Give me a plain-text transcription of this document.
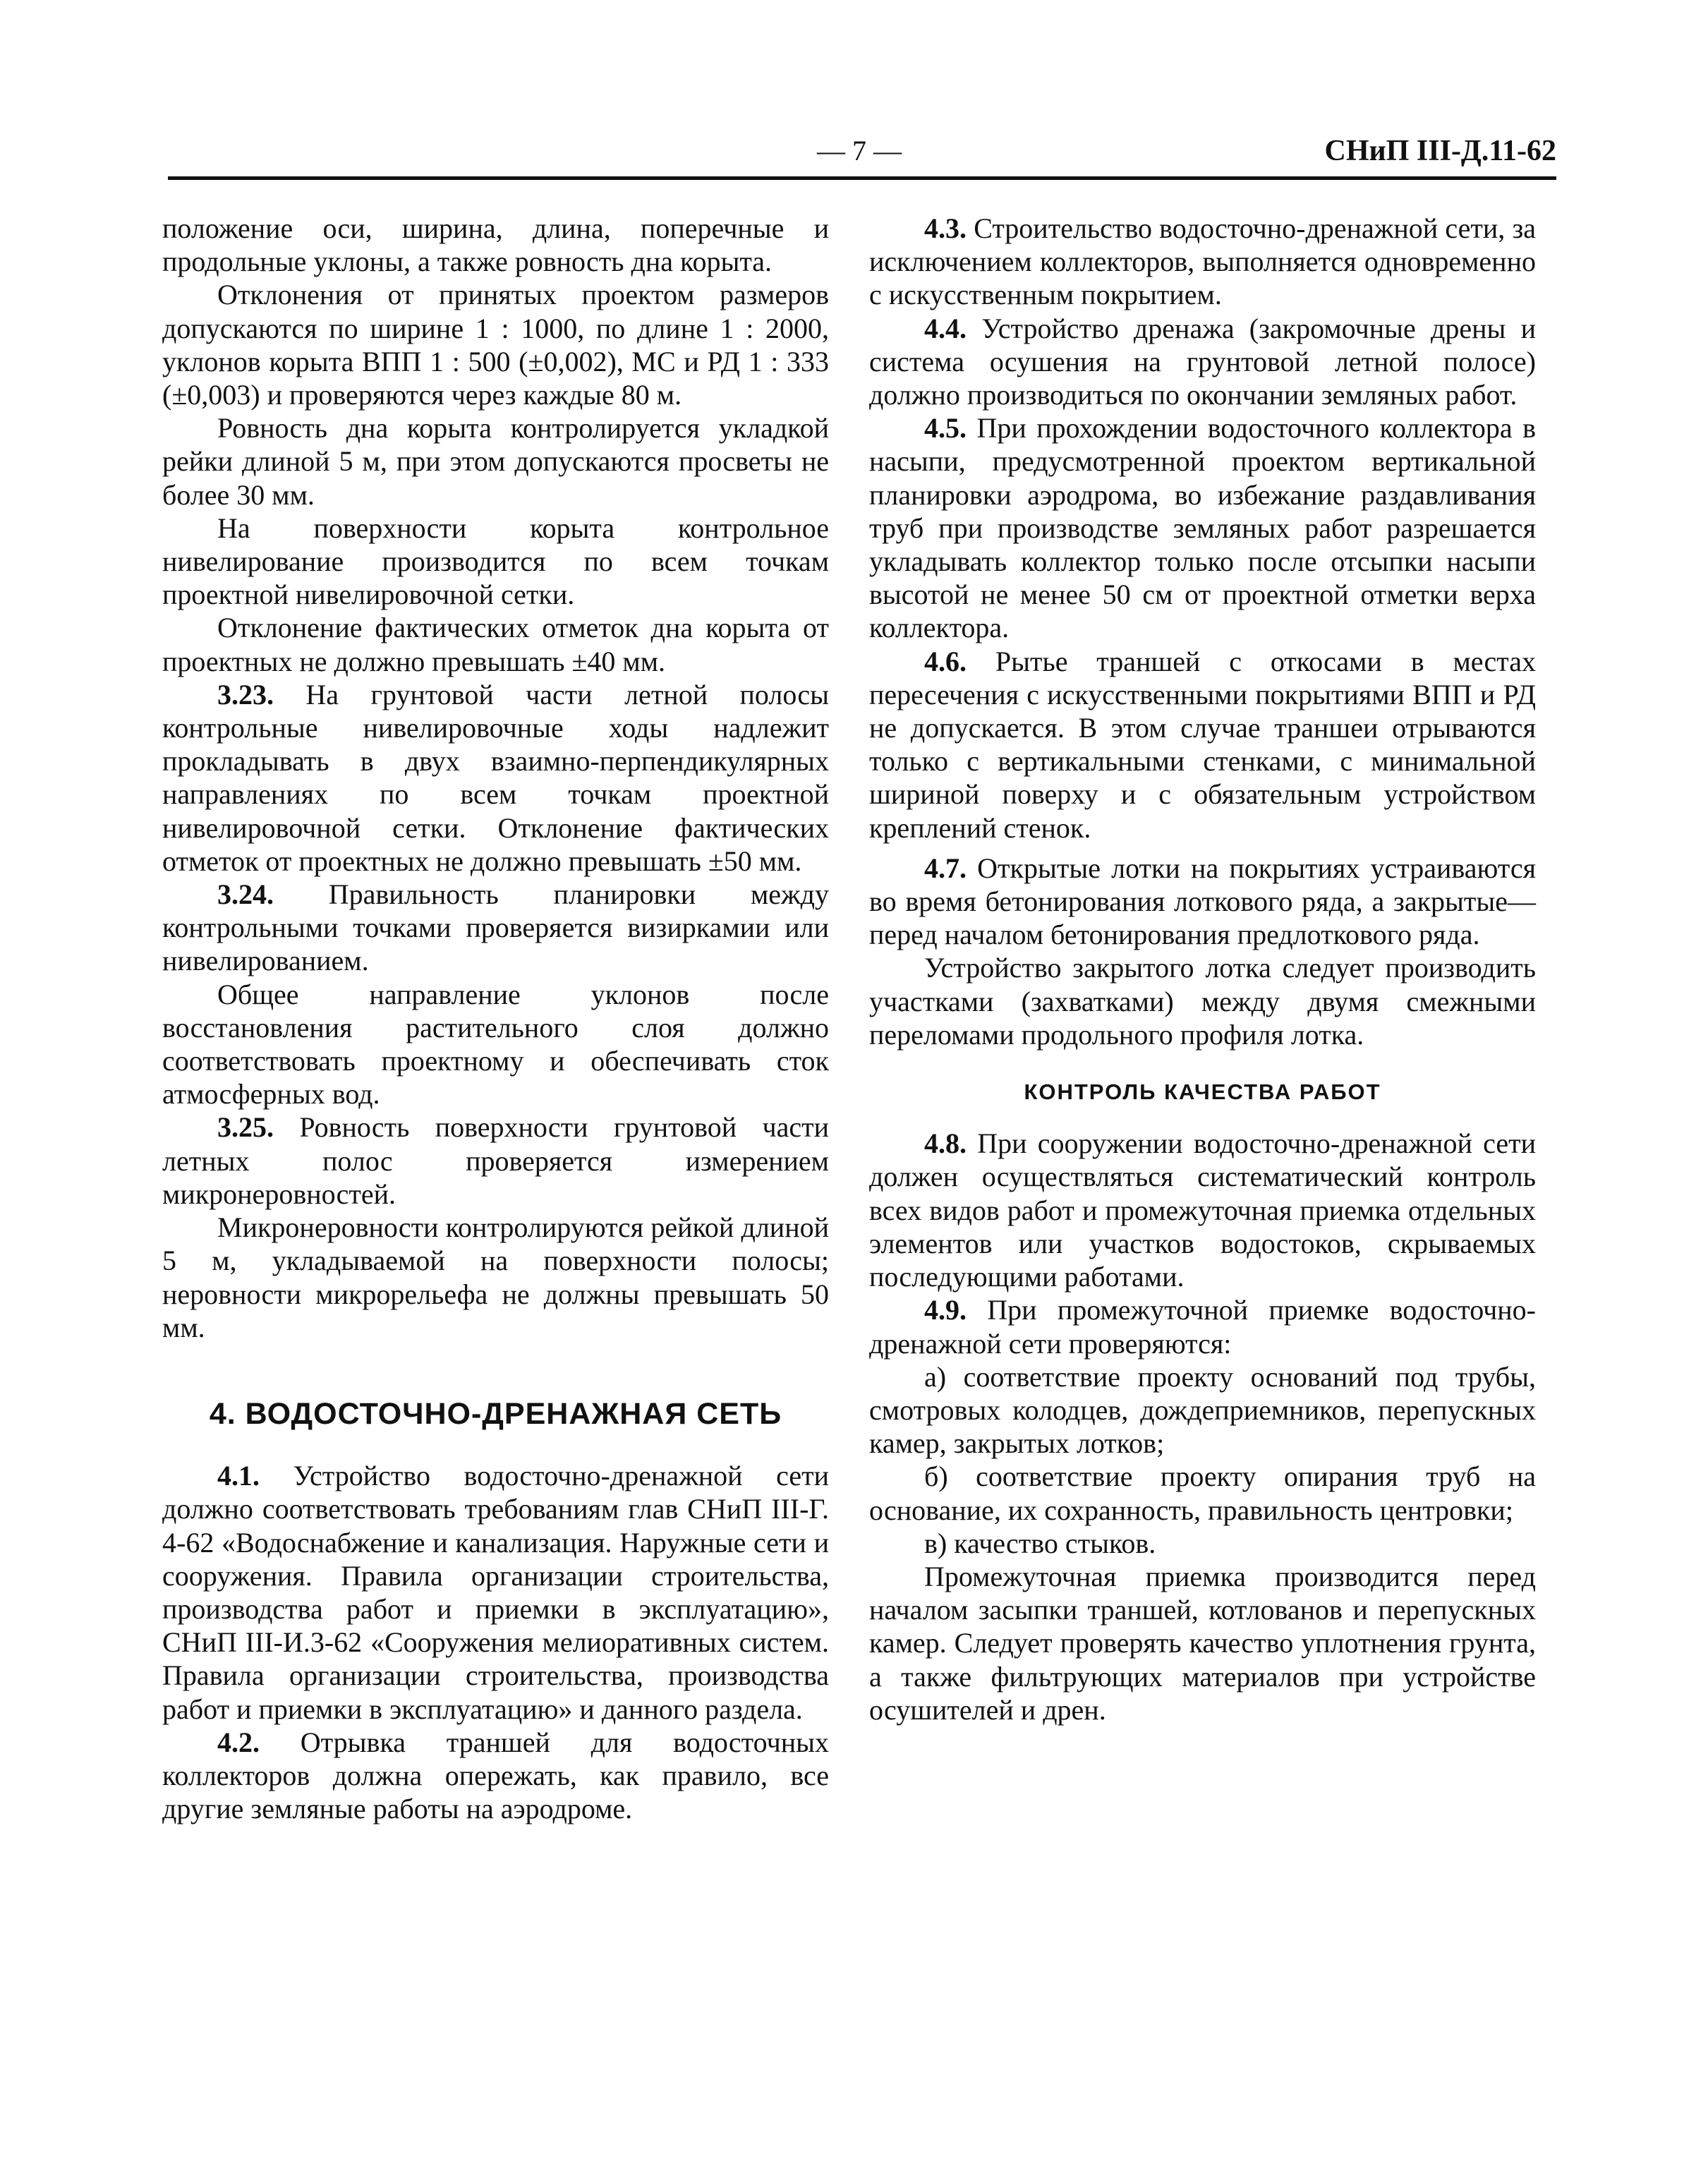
— 7 —	СНиП III-Д.11-62

положение оси, ширина, длина, поперечные и продольные уклоны, а также ровность дна корыта.

Отклонения от принятых проектом размеров допускаются по ширине 1 : 1000, по длине 1 : 2000, уклонов корыта ВПП 1 : 500 (±0,002), МС и РД 1 : 333 (±0,003) и проверяются через каждые 80 м.

Ровность дна корыта контролируется укладкой рейки длиной 5 м, при этом допускаются просветы не более 30 мм.

На поверхности корыта контрольное нивелирование производится по всем точкам проектной нивелировочной сетки.

Отклонение фактических отметок дна корыта от проектных не должно превышать ±40 мм.

3.23. На грунтовой части летной полосы контрольные нивелировочные ходы надлежит прокладывать в двух взаимно-перпендикулярных направлениях по всем точкам проектной нивелировочной сетки. Отклонение фактических отметок от проектных не должно превышать ±50 мм.

3.24. Правильность планировки между контрольными точками проверяется визиркамии или нивелированием.

Общее направление уклонов после восстановления растительного слоя должно соответствовать проектному и обеспечивать сток атмосферных вод.

3.25. Ровность поверхности грунтовой части летных полос проверяется измерением микронеровностей.

Микронеровности контролируются рейкой длиной 5 м, укладываемой на поверхности полосы; неровности микрорельефа не должны превышать 50 мм.

4. ВОДОСТОЧНО-ДРЕНАЖНАЯ СЕТЬ

4.1. Устройство водосточно-дренажной сети должно соответствовать требованиям глав СНиП III-Г. 4-62 «Водоснабжение и канализация. Наружные сети и сооружения. Правила организации строительства, производства работ и приемки в эксплуатацию», СНиП III-И.3-62 «Сооружения мелиоративных систем. Правила организации строительства, производства работ и приемки в эксплуатацию» и данного раздела.

4.2. Отрывка траншей для водосточных коллекторов должна опережать, как правило, все другие земляные работы на аэродроме.

4.3. Строительство водосточно-дренажной сети, за исключением коллекторов, выполняется одновременно с искусственным покрытием.

4.4. Устройство дренажа (закромочные дрены и система осушения на грунтовой летной полосе) должно производиться по окончании земляных работ.

4.5. При прохождении водосточного коллектора в насыпи, предусмотренной проектом вертикальной планировки аэродрома, во избежание раздавливания труб при производстве земляных работ разрешается укладывать коллектор только после отсыпки насыпи высотой не менее 50 см от проектной отметки верха коллектора.

4.6. Рытье траншей с откосами в местах пересечения с искусственными покрытиями ВПП и РД не допускается. В этом случае траншеи отрываются только с вертикальными стенками, с минимальной шириной поверху и с обязательным устройством креплений стенок.

4.7. Открытые лотки на покрытиях устраиваются во время бетонирования лоткового ряда, а закрытые—перед началом бетонирования предлоткового ряда.

Устройство закрытого лотка следует производить участками (захватками) между двумя смежными переломами продольного профиля лотка.

КОНТРОЛЬ КАЧЕСТВА РАБОТ

4.8. При сооружении водосточно-дренажной сети должен осуществляться систематический контроль всех видов работ и промежуточная приемка отдельных элементов или участков водостоков, скрываемых последующими работами.

4.9. При промежуточной приемке водосточно-дренажной сети проверяются:

а) соответствие проекту оснований под трубы, смотровых колодцев, дождеприемников, перепускных камер, закрытых лотков;

б) соответствие проекту опирания труб на основание, их сохранность, правильность центровки;

в) качество стыков.

Промежуточная приемка производится перед началом засыпки траншей, котлованов и перепускных камер. Следует проверять качество уплотнения грунта, а также фильтрующих материалов при устройстве осушителей и дрен.
